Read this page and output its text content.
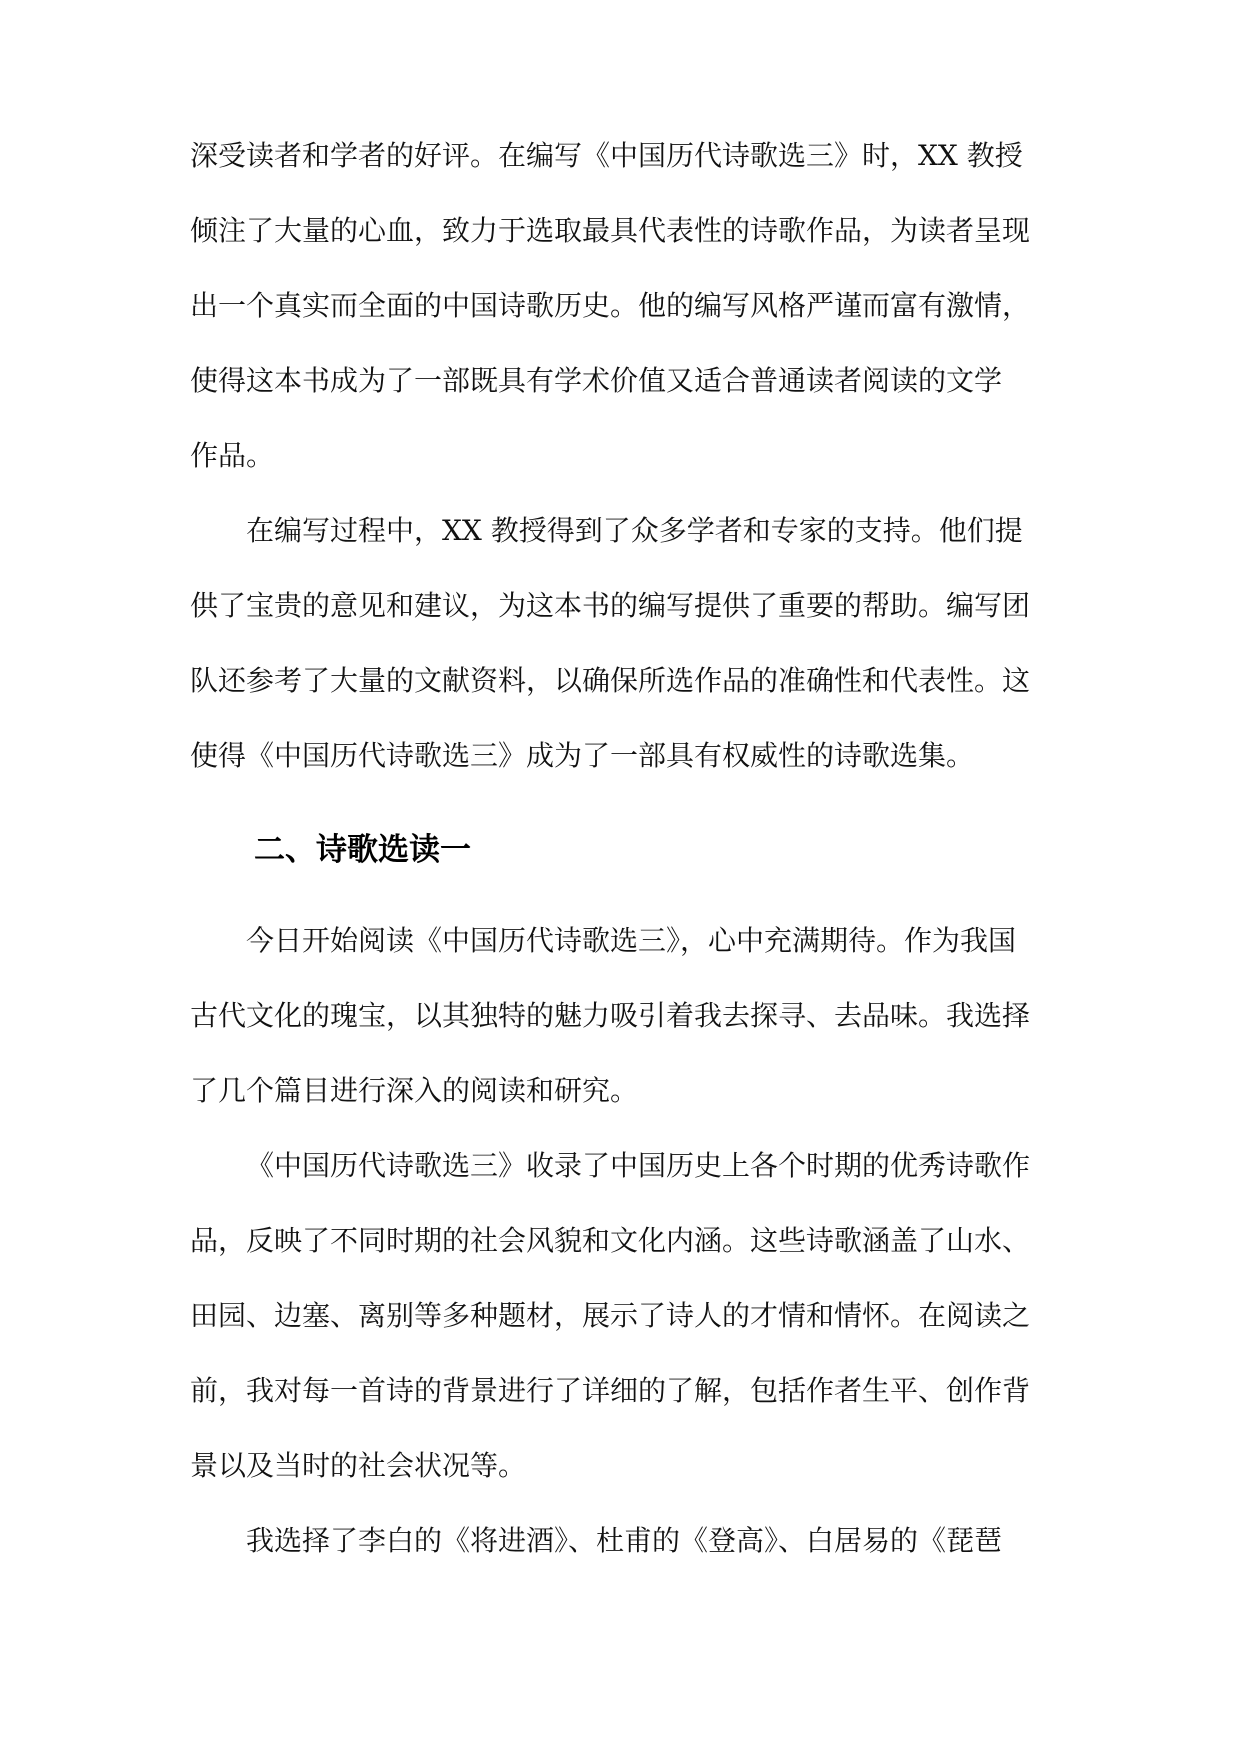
深受读者和学者的好评。在编写《中国历代诗歌选三》时，XX 教授

倾注了大量的心血，致力于选取最具代表性的诗歌作品，为读者呈现

出一个真实而全面的中国诗歌历史。他的编写风格严谨而富有激情，

使得这本书成为了一部既具有学术价值又适合普通读者阅读的文学

作品。

在编写过程中，XX 教授得到了众多学者和专家的支持。他们提

供了宝贵的意见和建议，为这本书的编写提供了重要的帮助。编写团

队还参考了大量的文献资料，以确保所选作品的准确性和代表性。这

使得《中国历代诗歌选三》成为了一部具有权威性的诗歌选集。

二、诗歌选读一

今日开始阅读《中国历代诗歌选三》，心中充满期待。作为我国

古代文化的瑰宝，以其独特的魅力吸引着我去探寻、去品味。我选择

了几个篇目进行深入的阅读和研究。

《中国历代诗歌选三》收录了中国历史上各个时期的优秀诗歌作

品，反映了不同时期的社会风貌和文化内涵。这些诗歌涵盖了山水、

田园、边塞、离别等多种题材，展示了诗人的才情和情怀。在阅读之

前，我对每一首诗的背景进行了详细的了解，包括作者生平、创作背

景以及当时的社会状况等。

我选择了李白的《将进酒》、杜甫的《登高》、白居易的《琵琶
